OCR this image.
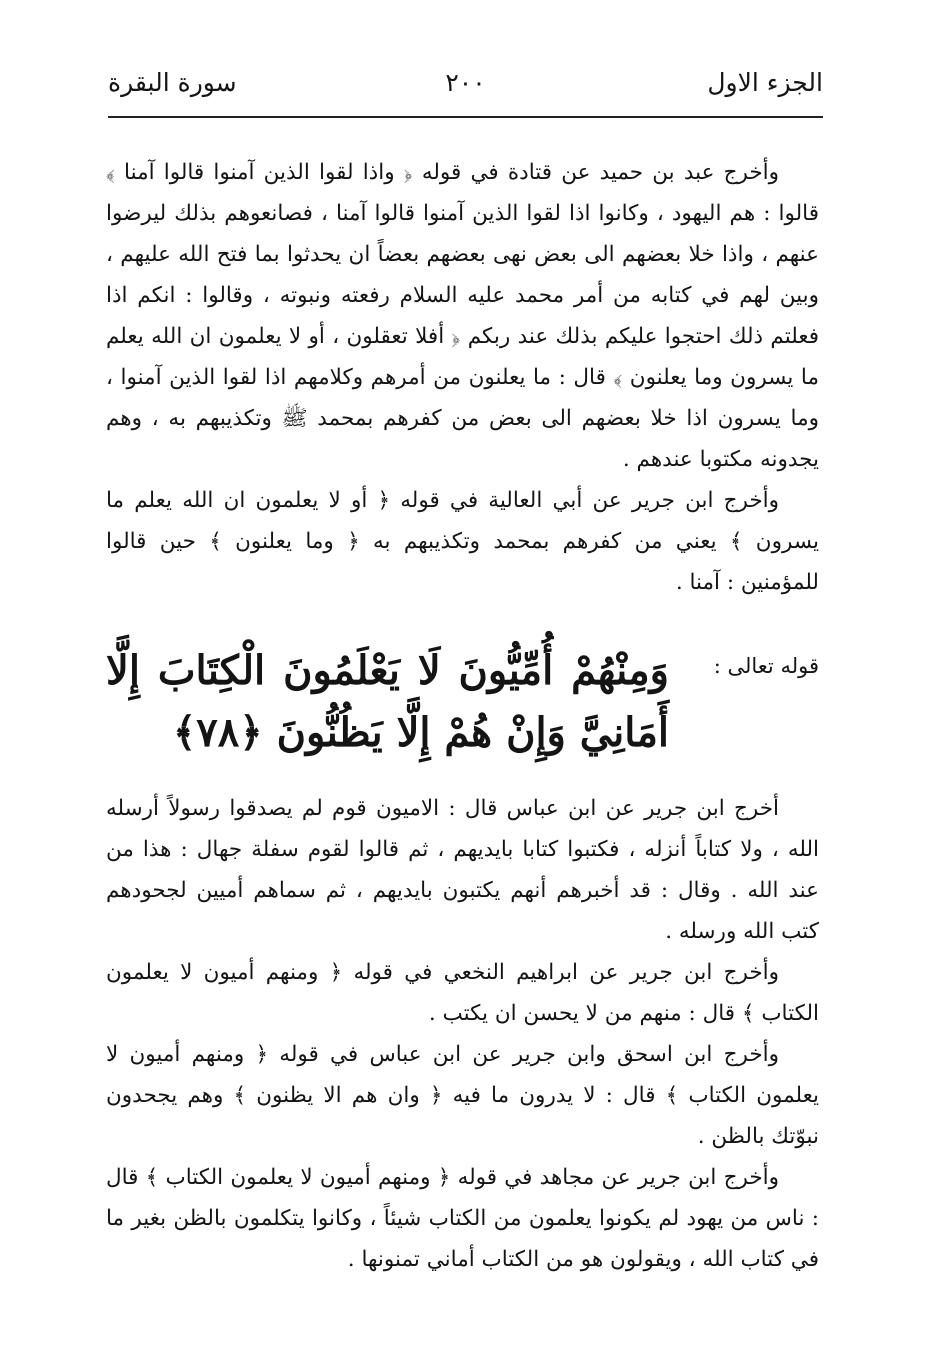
الجزء الاول
٢٠٠
سورة البقرة

وأخرج عبد بن حميد عن قتادة في قوله ﴿ واذا لقوا الذين آمنوا قالوا آمنا ﴾ قالوا : هم اليهود ، وكانوا اذا لقوا الذين آمنوا قالوا آمنا ، فصانعوهم بذلك ليرضوا عنهم ، واذا خلا بعضهم الى بعض نهى بعضهم بعضاً ان يحدثوا بما فتح الله عليهم ، وبين لهم في كتابه من أمر محمد عليه السلام رفعته ونبوته ، وقالوا : انكم اذا فعلتم ذلك احتجوا عليكم بذلك عند ربكم ﴿ أفلا تعقلون ، أو لا يعلمون ان الله يعلم ما يسرون وما يعلنون ﴾ قال : ما يعلنون من أمرهم وكلامهم اذا لقوا الذين آمنوا ، وما يسرون اذا خلا بعضهم الى بعض من كفرهم بمحمد ﷺ وتكذيبهم به ، وهم يجدونه مكتوبا عندهم .

وأخرج ابن جرير عن أبي العالية في قوله ﴿ أو لا يعلمون ان الله يعلم ما يسرون ﴾ يعني من كفرهم بمحمد وتكذيبهم به ﴿ وما يعلنون ﴾ حين قالوا للمؤمنين : آمنا .

قوله تعالى :
وَمِنْهُمْ أُمِّيُّونَ لَا يَعْلَمُونَ الْكِتَابَ إِلَّا أَمَانِيَّ وَإِنْ هُمْ إِلَّا يَظُنُّونَ ﴿٧٨﴾

أخرج ابن جرير عن ابن عباس قال : الاميون قوم لم يصدقوا رسولاً أرسله الله ، ولا كتاباً أنزله ، فكتبوا كتابا بايديهم ، ثم قالوا لقوم سفلة جهال : هذا من عند الله . وقال : قد أخبرهم أنهم يكتبون بايديهم ، ثم سماهم أميين لجحودهم كتب الله ورسله .

وأخرج ابن جرير عن ابراهيم النخعي في قوله ﴿ ومنهم أميون لا يعلمون الكتاب ﴾ قال : منهم من لا يحسن ان يكتب .

وأخرج ابن اسحق وابن جرير عن ابن عباس في قوله ﴿ ومنهم أميون لا يعلمون الكتاب ﴾ قال : لا يدرون ما فيه ﴿ وان هم الا يظنون ﴾ وهم يجحدون نبوّتك بالظن .

وأخرج ابن جرير عن مجاهد في قوله ﴿ ومنهم أميون لا يعلمون الكتاب ﴾ قال : ناس من يهود لم يكونوا يعلمون من الكتاب شيئاً ، وكانوا يتكلمون بالظن بغير ما في كتاب الله ، ويقولون هو من الكتاب أماني تمنونها .
